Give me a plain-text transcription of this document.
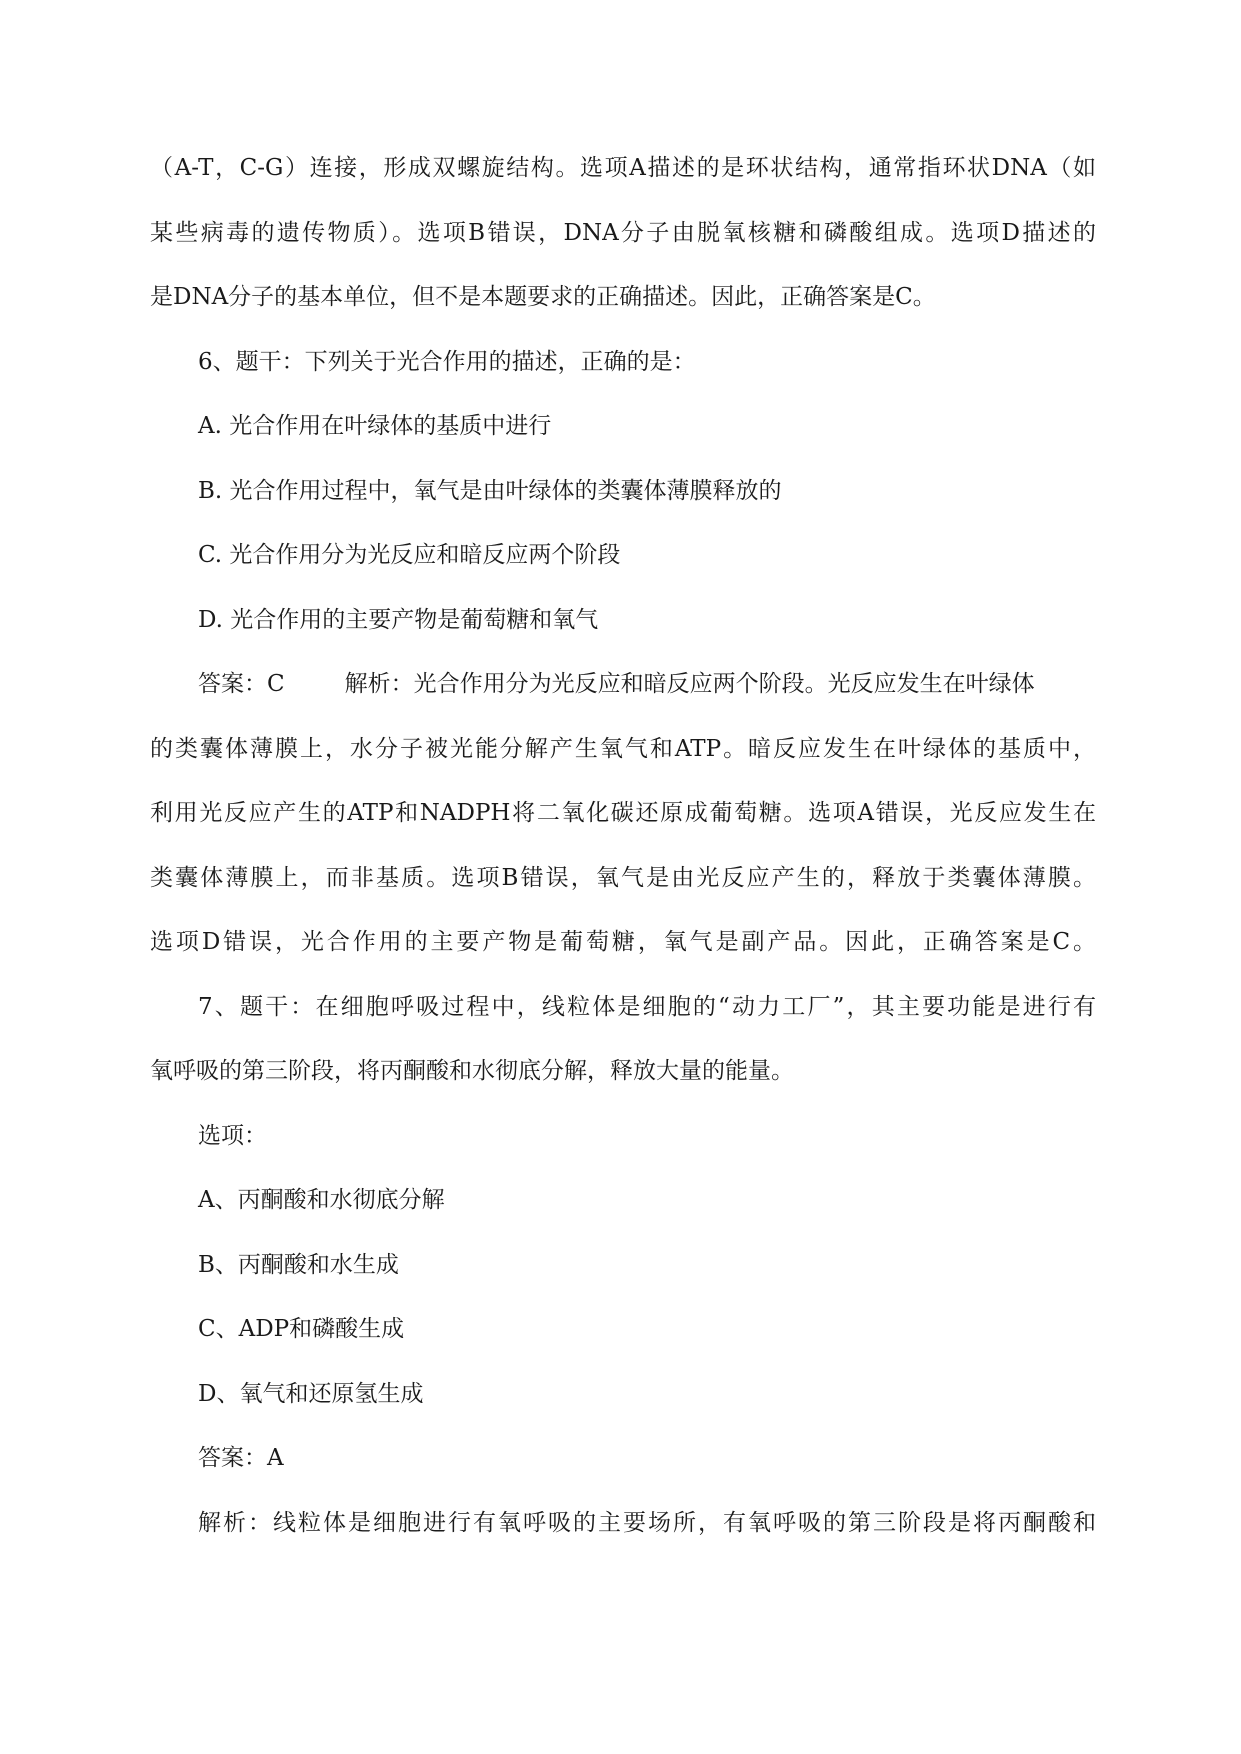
（A-T，C-G）连接，形成双螺旋结构。选项A描述的是环状结构，通常指环状DNA（如
某些病毒的遗传物质）。选项B错误，DNA分子由脱氧核糖和磷酸组成。选项D描述的
是DNA分子的基本单位，但不是本题要求的正确描述。因此，正确答案是C。
6、题干：下列关于光合作用的描述，正确的是：
A. 光合作用在叶绿体的基质中进行
B. 光合作用过程中，氧气是由叶绿体的类囊体薄膜释放的
C. 光合作用分为光反应和暗反应两个阶段
D. 光合作用的主要产物是葡萄糖和氧气
答案：C	解析：光合作用分为光反应和暗反应两个阶段。光反应发生在叶绿体
的类囊体薄膜上，水分子被光能分解产生氧气和ATP。暗反应发生在叶绿体的基质中，
利用光反应产生的ATP和NADPH将二氧化碳还原成葡萄糖。选项A错误，光反应发生在
类囊体薄膜上，而非基质。选项B错误，氧气是由光反应产生的，释放于类囊体薄膜。
选项D错误，光合作用的主要产物是葡萄糖，氧气是副产品。因此，正确答案是C。
7、题干：在细胞呼吸过程中，线粒体是细胞的“动力工厂”，其主要功能是进行有
氧呼吸的第三阶段，将丙酮酸和水彻底分解，释放大量的能量。
选项：
A、丙酮酸和水彻底分解
B、丙酮酸和水生成
C、ADP和磷酸生成
D、氧气和还原氢生成
答案：A
解析：线粒体是细胞进行有氧呼吸的主要场所，有氧呼吸的第三阶段是将丙酮酸和
